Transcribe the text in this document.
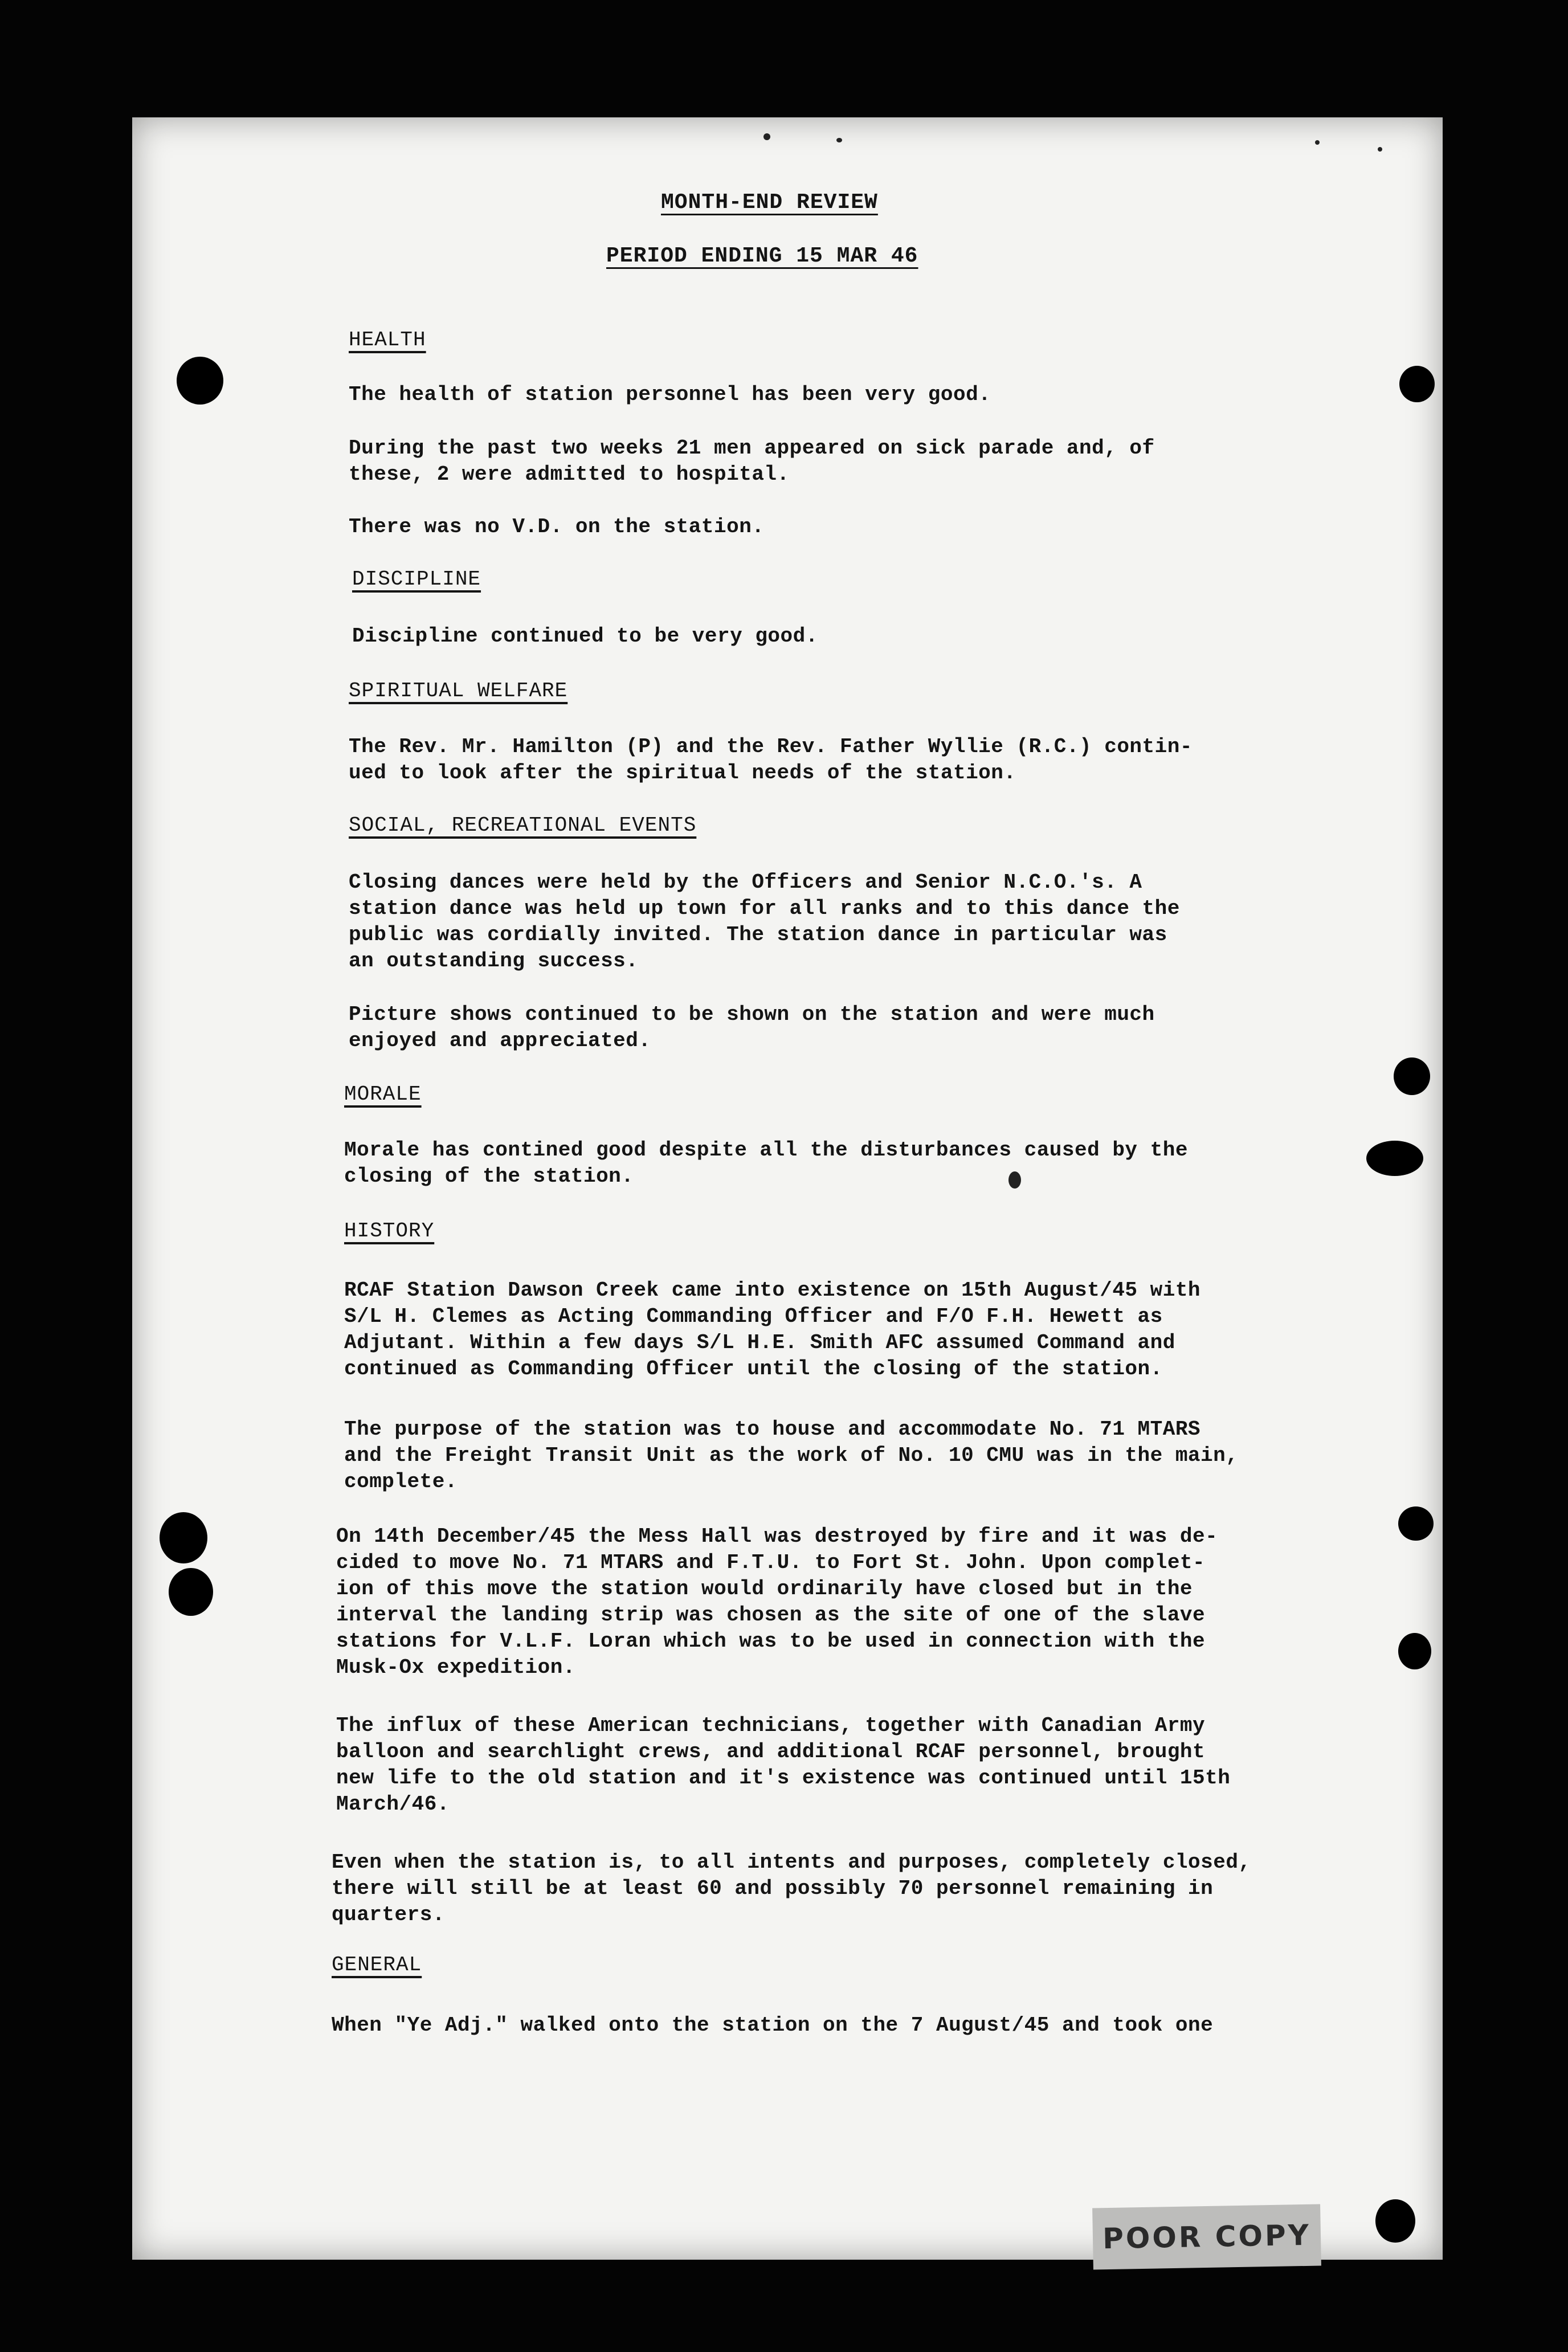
MONTH-END REVIEW
PERIOD ENDING 15 MAR 46
HEALTH
The health of station personnel has been very good.
During the past two weeks 21 men appeared on sick parade and, of
these, 2 were admitted to hospital.
There was no V.D. on the station.
DISCIPLINE
Discipline continued to be very good.
SPIRITUAL WELFARE
The Rev. Mr. Hamilton (P) and the Rev. Father Wyllie (R.C.) contin-
ued to look after the spiritual needs of the station.
SOCIAL, RECREATIONAL EVENTS
Closing dances were held by the Officers and Senior N.C.O.'s. A
station dance was held up town for all ranks and to this dance the
public was cordially invited. The station dance in particular was
an outstanding success.
Picture shows continued to be shown on the station and were much
enjoyed and appreciated.
MORALE
Morale has contined good despite all the disturbances caused by the
closing of the station.
HISTORY
RCAF Station Dawson Creek came into existence on 15th August/45 with
S/L H. Clemes as Acting Commanding Officer and F/O F.H. Hewett as
Adjutant. Within a few days S/L H.E. Smith AFC assumed Command and
continued as Commanding Officer until the closing of the station.
The purpose of the station was to house and accommodate No. 71 MTARS
and the Freight Transit Unit as the work of No. 10 CMU was in the main,
complete.
On 14th December/45 the Mess Hall was destroyed by fire and it was de-
cided to move No. 71 MTARS and F.T.U. to Fort St. John. Upon complet-
ion of this move the station would ordinarily have closed but in the
interval the landing strip was chosen as the site of one of the slave
stations for V.L.F. Loran which was to be used in connection with the
Musk-Ox expedition.
The influx of these American technicians, together with Canadian Army
balloon and searchlight crews, and additional RCAF personnel, brought
new life to the old station and it's existence was continued until 15th
March/46.
Even when the station is, to all intents and purposes, completely closed,
there will still be at least 60 and possibly 70 personnel remaining in
quarters.
GENERAL
When "Ye Adj." walked onto the station on the 7 August/45 and took one
POOR COPY
